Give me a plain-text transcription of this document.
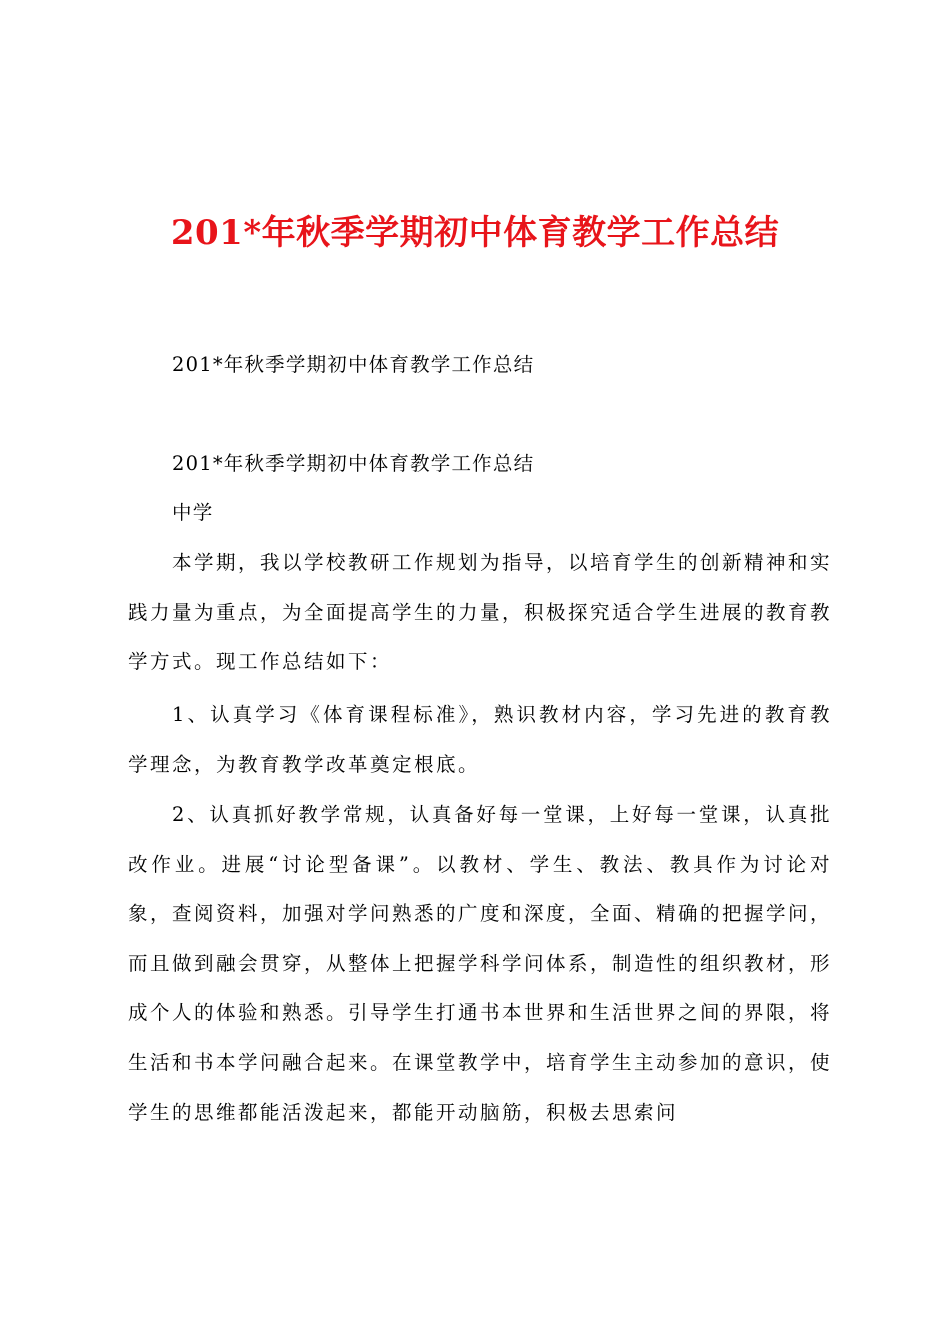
201*年秋季学期初中体育教学工作总结
201*年秋季学期初中体育教学工作总结
201*年秋季学期初中体育教学工作总结
中学
本学期，我以学校教研工作规划为指导，以培育学生的创新精神和实践力量为重点，为全面提高学生的力量，积极探究适合学生进展的教育教学方式。现工作总结如下：
1、认真学习《体育课程标准》，熟识教材内容，学习先进的教育教学理念，为教育教学改革奠定根底。
2、认真抓好教学常规，认真备好每一堂课，上好每一堂课，认真批改作业。进展“讨论型备课”。以教材、学生、教法、教具作为讨论对象，查阅资料，加强对学问熟悉的广度和深度，全面、精确的把握学问，而且做到融会贯穿，从整体上把握学科学问体系，制造性的组织教材，形成个人的体验和熟悉。引导学生打通书本世界和生活世界之间的界限，将生活和书本学问融合起来。在课堂教学中，培育学生主动参加的意识，使学生的思维都能活泼起来，都能开动脑筋，积极去思索问
